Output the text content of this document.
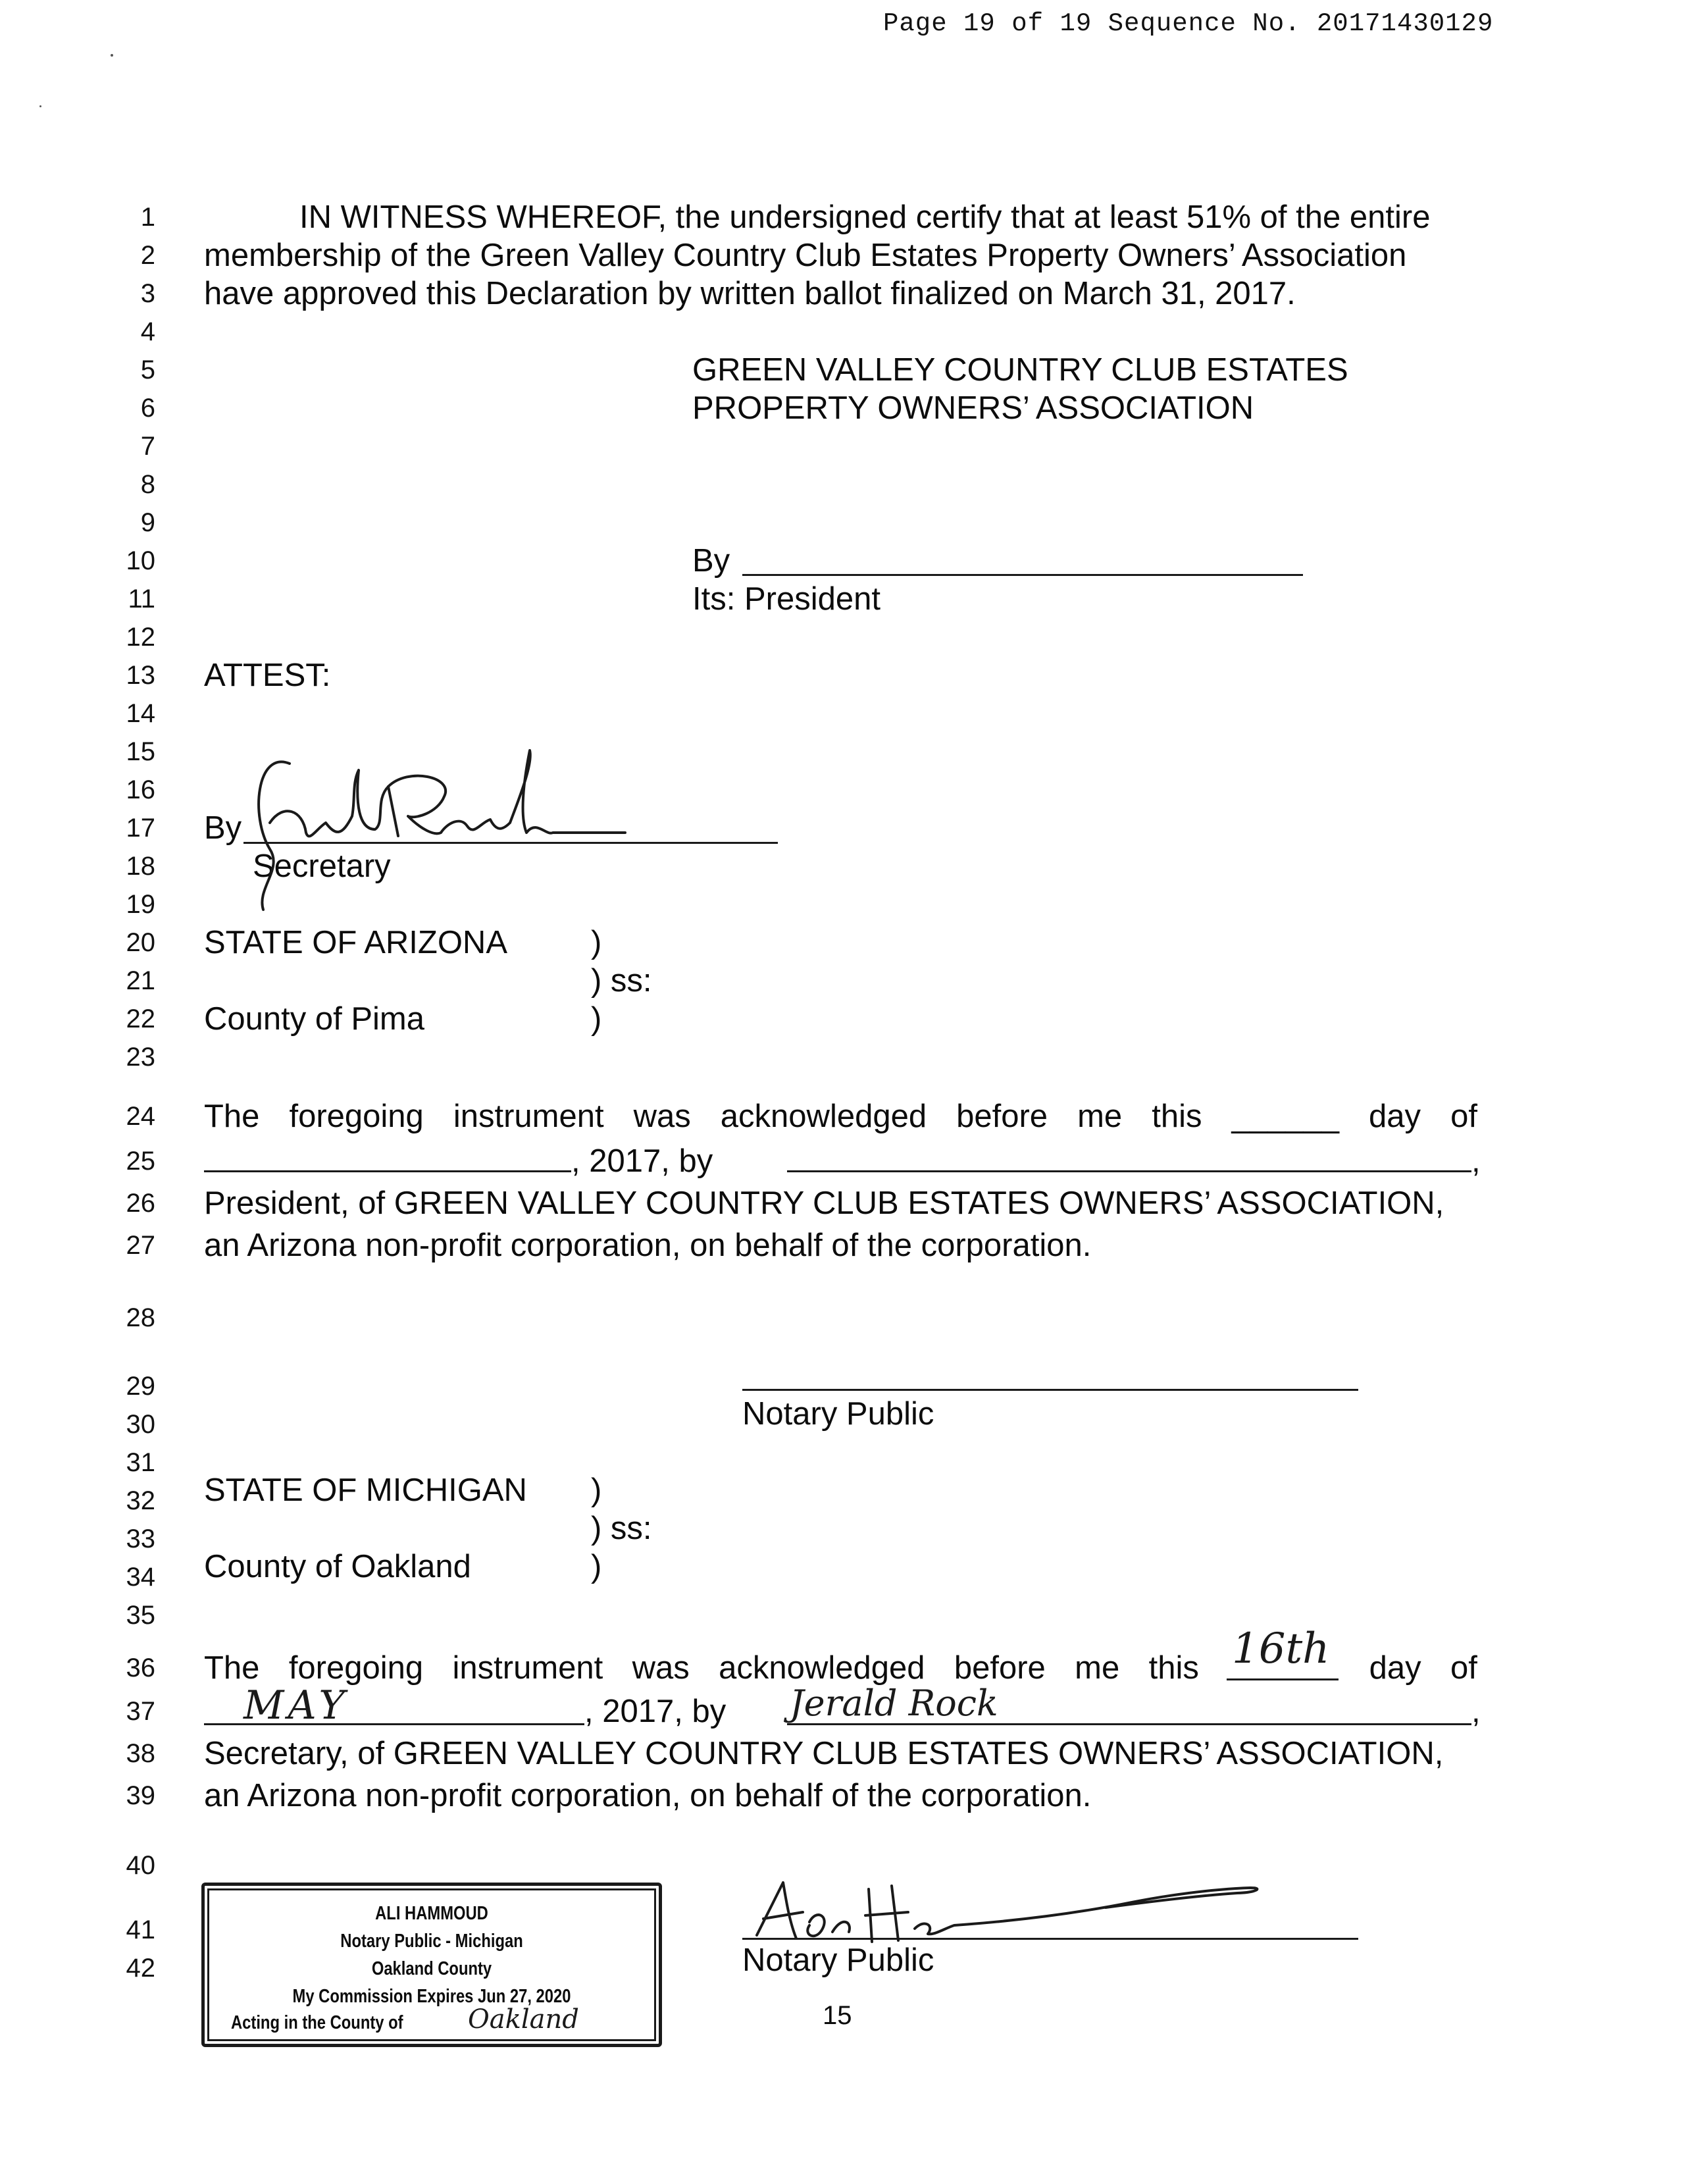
Page 19 of 19 Sequence No. 20171430129
1
2
3
4
5
6
7
8
9
10
11
12
13
14
15
16
17
18
19
20
21
22
23
24
25
26
27
28
29
30
31
32
33
34
35
36
37
38
39
40
41
42
IN WITNESS WHEREOF, the undersigned certify that at least 51% of the entire
membership of the Green Valley Country Club Estates Property Owners’ Association
have approved this Declaration by written ballot finalized on March 31, 2017.
GREEN VALLEY COUNTRY CLUB ESTATES
PROPERTY OWNERS’ ASSOCIATION
By
Its: President
ATTEST:
By
Secretary
STATE OF ARIZONA	)
) ss:
County of Pima	)
The foregoing instrument was acknowledged before me this ______ day of
, 2017, by	,
President, of GREEN VALLEY COUNTRY CLUB ESTATES OWNERS’ ASSOCIATION,
an Arizona non-profit corporation, on behalf of the corporation.
Notary Public
STATE OF MICHIGAN )
) ss:
County of Oakland	)
The foregoing instrument was acknowledged before me this	day of
16th
MAY	, 2017, by Jerald Rock	,
Secretary, of GREEN VALLEY COUNTRY CLUB ESTATES OWNERS’ ASSOCIATION,
an Arizona non-profit corporation, on behalf of the corporation.
Notary Public
ALI HAMMOUD
Notary Public - Michigan
Oakland County
My Commission Expires Jun 27, 2020
Acting in the County of Oakland	15
